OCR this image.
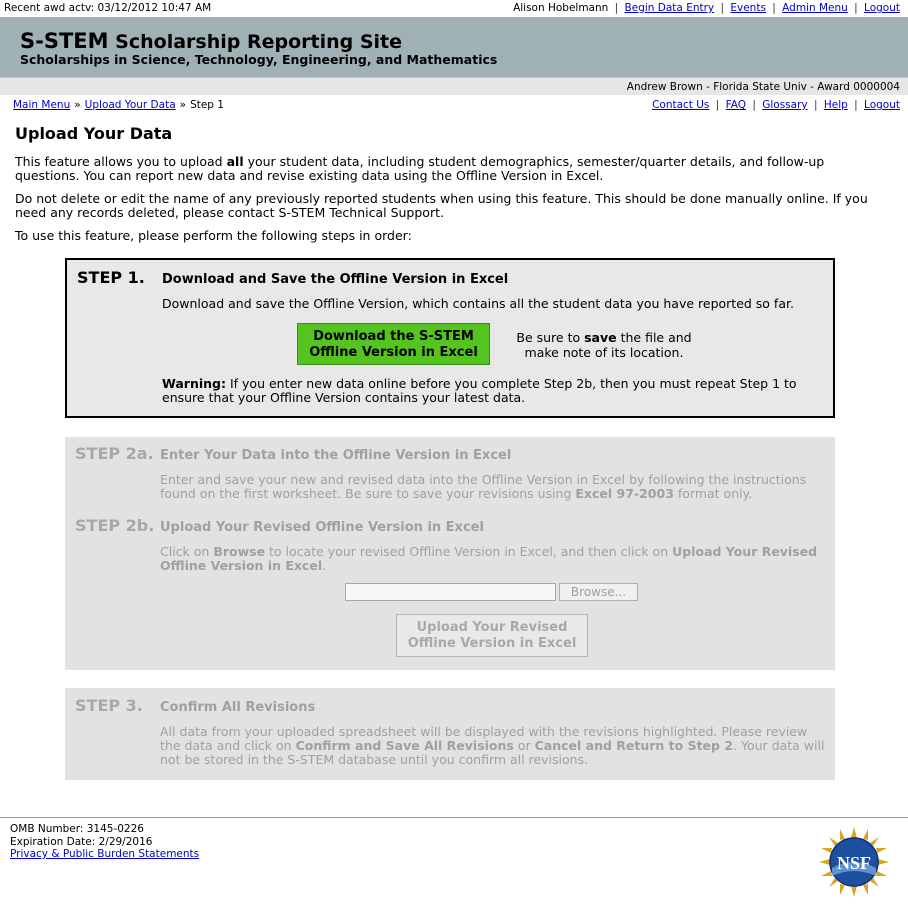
Recent awd actv: 03/12/2012 10:47 AM	Alison Hobelmann | Begin Data Entry | Events | Admin Menu | Logout
S-STEM Scholarship Reporting Site
Scholarships in Science, Technology, Engineering, and Mathematics
Andrew Brown - Florida State Univ - Award 0000004
Main Menu » Upload Your Data » Step 1	Contact Us | FAQ | Glossary | Help | Logout
Upload Your Data

This feature allows you to upload all your student data, including student demographics, semester/quarter details, and follow-up questions. You can report new data and revise existing data using the Offline Version in Excel.

Do not delete or edit the name of any previously reported students when using this feature. This should be done manually online. If you need any records deleted, please contact S-STEM Technical Support.

To use this feature, please perform the following steps in order:

STEP 1. Download and Save the Offline Version in Excel
Download and save the Offline Version, which contains all the student data you have reported so far.
Download the S-STEM
Offline Version in Excel
Be sure to save the file and
make note of its location.
Warning: If you enter new data online before you complete Step 2b, then you must repeat Step 1 to ensure that your Offline Version contains your latest data.
STEP 2a. Enter Your Data into the Offline Version in Excel
Enter and save your new and revised data into the Offline Version in Excel by following the instructions found on the first worksheet. Be sure to save your revisions using Excel 97-2003 format only.
STEP 2b. Upload Your Revised Offline Version in Excel
Click on Browse to locate your revised Offline Version in Excel, and then click on Upload Your Revised Offline Version in Excel.
Browse...
Upload Your Revised
Offline Version in Excel
STEP 3. Confirm All Revisions
All data from your uploaded spreadsheet will be displayed with the revisions highlighted. Please review the data and click on Confirm and Save All Revisions or Cancel and Return to Step 2. Your data will not be stored in the S-STEM database until you confirm all revisions.
OMB Number: 3145-0226
Expiration Date: 2/29/2016
Privacy & Public Burden Statements	NSF
